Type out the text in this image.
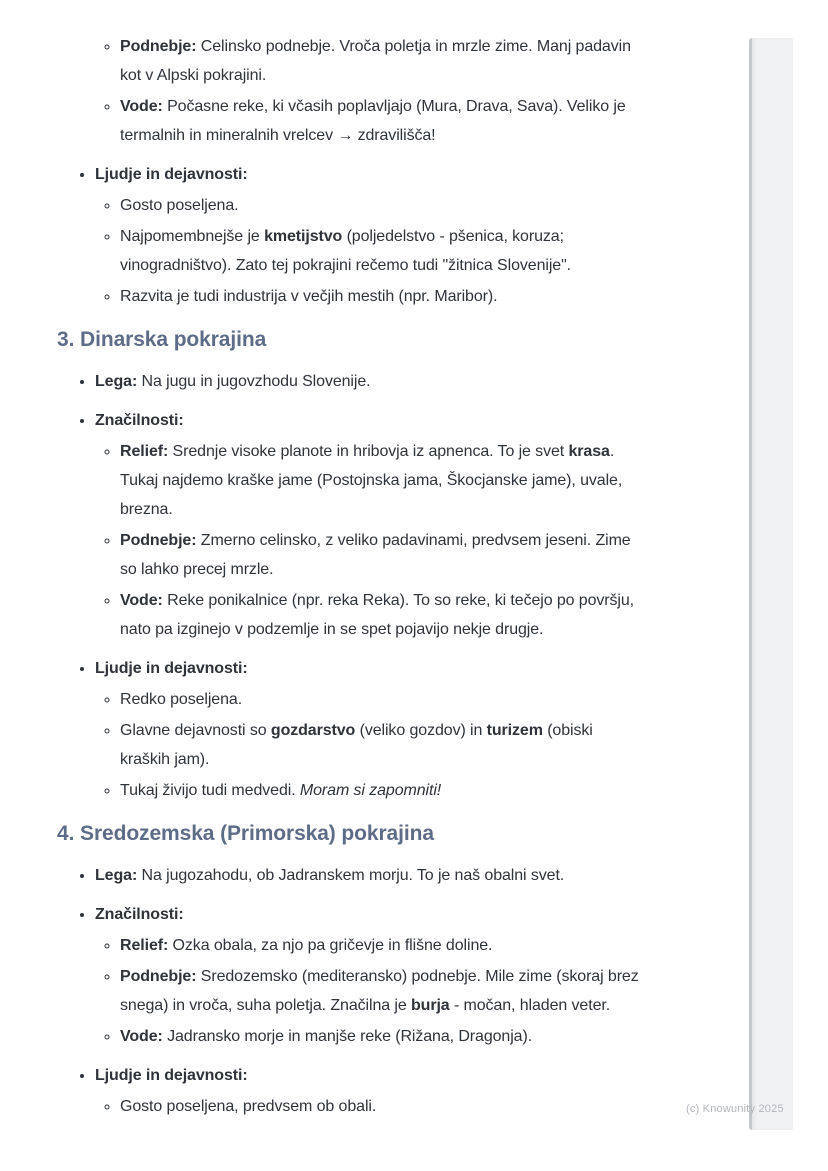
◦ Podnebje: Celinsko podnebje. Vroča poletja in mrzle zime. Manj padavin kot v Alpski pokrajini.
◦ Vode: Počasne reke, ki včasih poplavljajo (Mura, Drava, Sava). Veliko je termalnih in mineralnih vrelcev → zdravilišča!
• Ljudje in dejavnosti:
◦ Gosto poseljena.
◦ Najpomembnejše je kmetijstvo (poljedelstvo - pšenica, koruza; vinogradništvo). Zato tej pokrajini rečemo tudi "žitnica Slovenije".
◦ Razvita je tudi industrija v večjih mestih (npr. Maribor).
3. Dinarska pokrajina
• Lega: Na jugu in jugovzhodu Slovenije.
• Značilnosti:
◦ Relief: Srednje visoke planote in hribovja iz apnenca. To je svet krasa. Tukaj najdemo kraške jame (Postojnska jama, Škocjanske jame), uvale, brezna.
◦ Podnebje: Zmerno celinsko, z veliko padavinami, predvsem jeseni. Zime so lahko precej mrzle.
◦ Vode: Reke ponikalnice (npr. reka Reka). To so reke, ki tečejo po površju, nato pa izginejo v podzemlje in se spet pojavijo nekje drugje.
• Ljudje in dejavnosti:
◦ Redko poseljena.
◦ Glavne dejavnosti so gozdarstvo (veliko gozdov) in turizem (obiski kraških jam).
◦ Tukaj živijo tudi medvedi. Moram si zapomniti!
4. Sredozemska (Primorska) pokrajina
• Lega: Na jugozahodu, ob Jadranskem morju. To je naš obalni svet.
• Značilnosti:
◦ Relief: Ozka obala, za njo pa gričevje in flišne doline.
◦ Podnebje: Sredozemsko (mediteransko) podnebje. Mile zime (skoraj brez snega) in vroča, suha poletja. Značilna je burja - močan, hladen veter.
◦ Vode: Jadransko morje in manjše reke (Rižana, Dragonja).
• Ljudje in dejavnosti:
◦ Gosto poseljena, predvsem ob obali.	(c) Knowunity 2025
